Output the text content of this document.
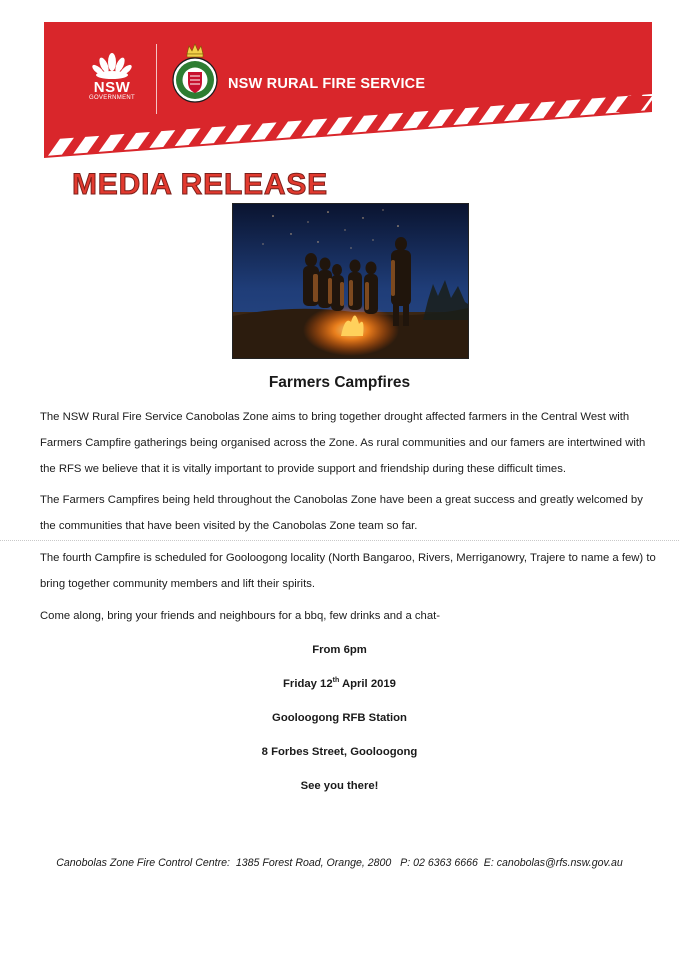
NSW
GOVERNMENT
NSW RURAL FIRE SERVICE
MEDIA RELEASE
Farmers Campfires

The NSW Rural Fire Service Canobolas Zone aims to bring together drought affected farmers in the Central West with Farmers Campfire gatherings being organised across the Zone. As rural communities and our famers are intertwined with the RFS we believe that it is vitally important to provide support and friendship during these difficult times.

The Farmers Campfires being held throughout the Canobolas Zone have been a great success and greatly welcomed by the communities that have been visited by the Canobolas Zone team so far.

The fourth Campfire is scheduled for Gooloogong locality (North Bangaroo, Rivers, Merriganowry, Trajere to name a few) to bring together community members and lift their spirits.

Come along, bring your friends and neighbours for a bbq, few drinks and a chat-

From 6pm
Friday 12th April 2019
Gooloogong RFB Station
8 Forbes Street, Gooloogong
See you there!
Canobolas Zone Fire Control Centre:  1385 Forest Road, Orange, 2800   P: 02 6363 6666  E: canobolas@rfs.nsw.gov.au
